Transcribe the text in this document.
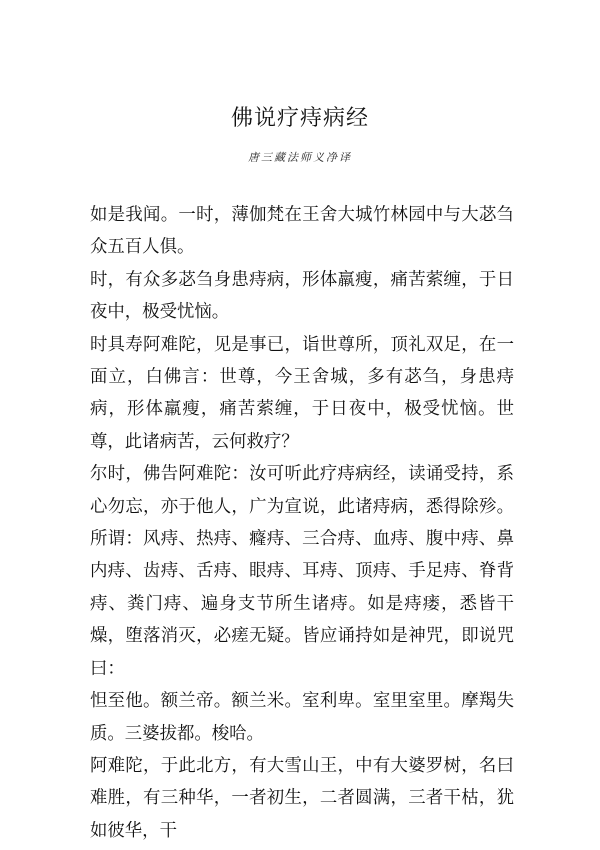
佛说疗痔病经
唐三藏法师义净译

如是我闻。一时，薄伽梵在王舍大城竹林园中与大苾刍众五百人俱。

时，有众多苾刍身患痔病，形体羸瘦，痛苦萦缠，于日夜中，极受忧恼。

时具寿阿难陀，见是事已，诣世尊所，顶礼双足，在一面立，白佛言：世尊，今王舍城，多有苾刍，身患痔病，形体羸瘦，痛苦萦缠，于日夜中，极受忧恼。世尊，此诸病苦，云何救疗？

尔时，佛告阿难陀：汝可听此疗痔病经，读诵受持，系心勿忘，亦于他人，广为宣说，此诸痔病，悉得除殄。所谓：风痔、热痔、癃痔、三合痔、血痔、腹中痔、鼻内痔、齿痔、舌痔、眼痔、耳痔、顶痔、手足痔、脊背痔、粪门痔、遍身支节所生诸痔。如是痔瘘，悉皆干燥，堕落消灭，必瘥无疑。皆应诵持如是神咒，即说咒曰：

怛至他。额兰帝。额兰米。室利卑。室里室里。摩羯失质。三婆拔都。梭哈。

阿难陀，于此北方，有大雪山王，中有大婆罗树，名曰难胜，有三种华，一者初生，二者圆满，三者干枯，犹如彼华，干
